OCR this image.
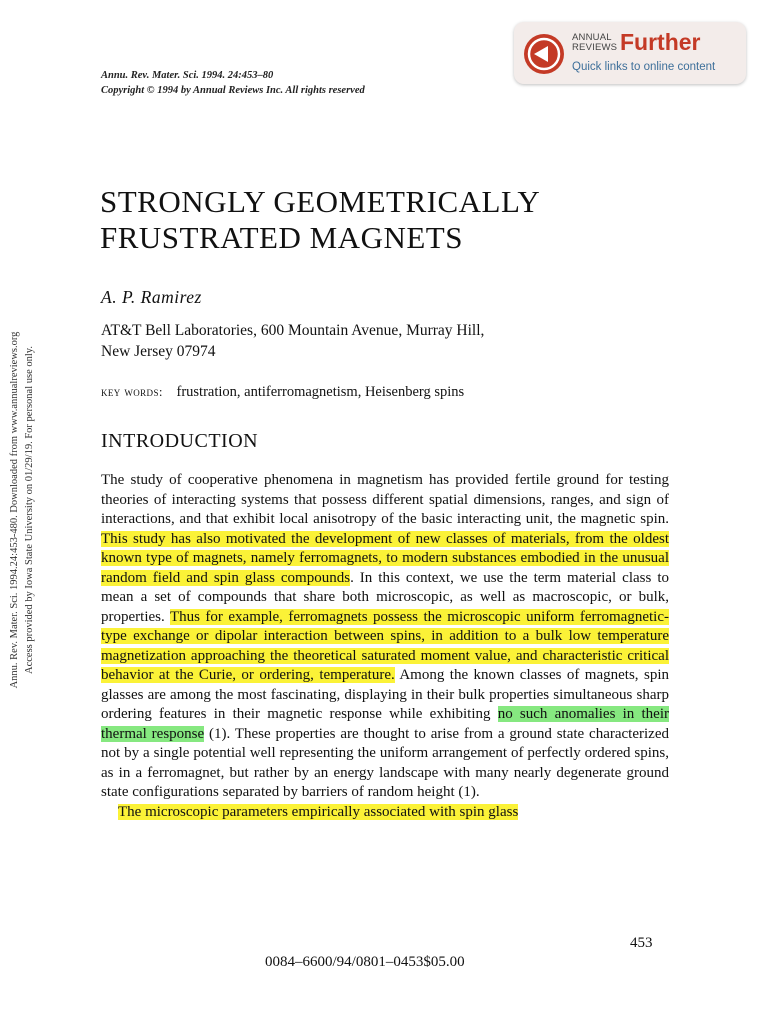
Annu. Rev. Mater. Sci. 1994. 24:453–80
Copyright © 1994 by Annual Reviews Inc. All rights reserved
ANNUAL
REVIEWS Further
Quick links to online content
Annu. Rev. Mater. Sci. 1994.24:453-480. Downloaded from www.annualreviews.org Access provided by Iowa State University on 01/29/19. For personal use only.
STRONGLY GEOMETRICALLY
FRUSTRATED MAGNETS
A. P. Ramirez
AT&T Bell Laboratories, 600 Mountain Avenue, Murray Hill,
New Jersey 07974
key words: frustration, antiferromagnetism, Heisenberg spins
INTRODUCTION

The study of cooperative phenomena in magnetism has provided fertile ground for testing theories of interacting systems that possess different spatial dimensions, ranges, and sign of interactions, and that exhibit local anisotropy of the basic interacting unit, the magnetic spin. This study has also motivated the development of new classes of materials, from the oldest known type of magnets, namely ferromagnets, to modern substances embodied in the unusual random field and spin glass compounds. In this context, we use the term material class to mean a set of compounds that share both microscopic, as well as macroscopic, or bulk, properties. Thus for example, ferromagnets possess the microscopic uniform ferromagnetic-type exchange or dipolar interaction between spins, in addition to a bulk low temperature magnetization approaching the theoretical saturated moment value, and characteristic critical behavior at the Curie, or ordering, temperature. Among the known classes of magnets, spin glasses are among the most fascinating, displaying in their bulk properties simultaneous sharp ordering features in their magnetic response while exhibiting no such anomalies in their thermal response (1). These properties are thought to arise from a ground state characterized not by a single potential well representing the uniform arrangement of perfectly ordered spins, as in a ferromagnet, but rather by an energy landscape with many nearly degenerate ground state configurations separated by barriers of random height (1).

The microscopic parameters empirically associated with spin glass

453
0084–6600/94/0801–0453$05.00
